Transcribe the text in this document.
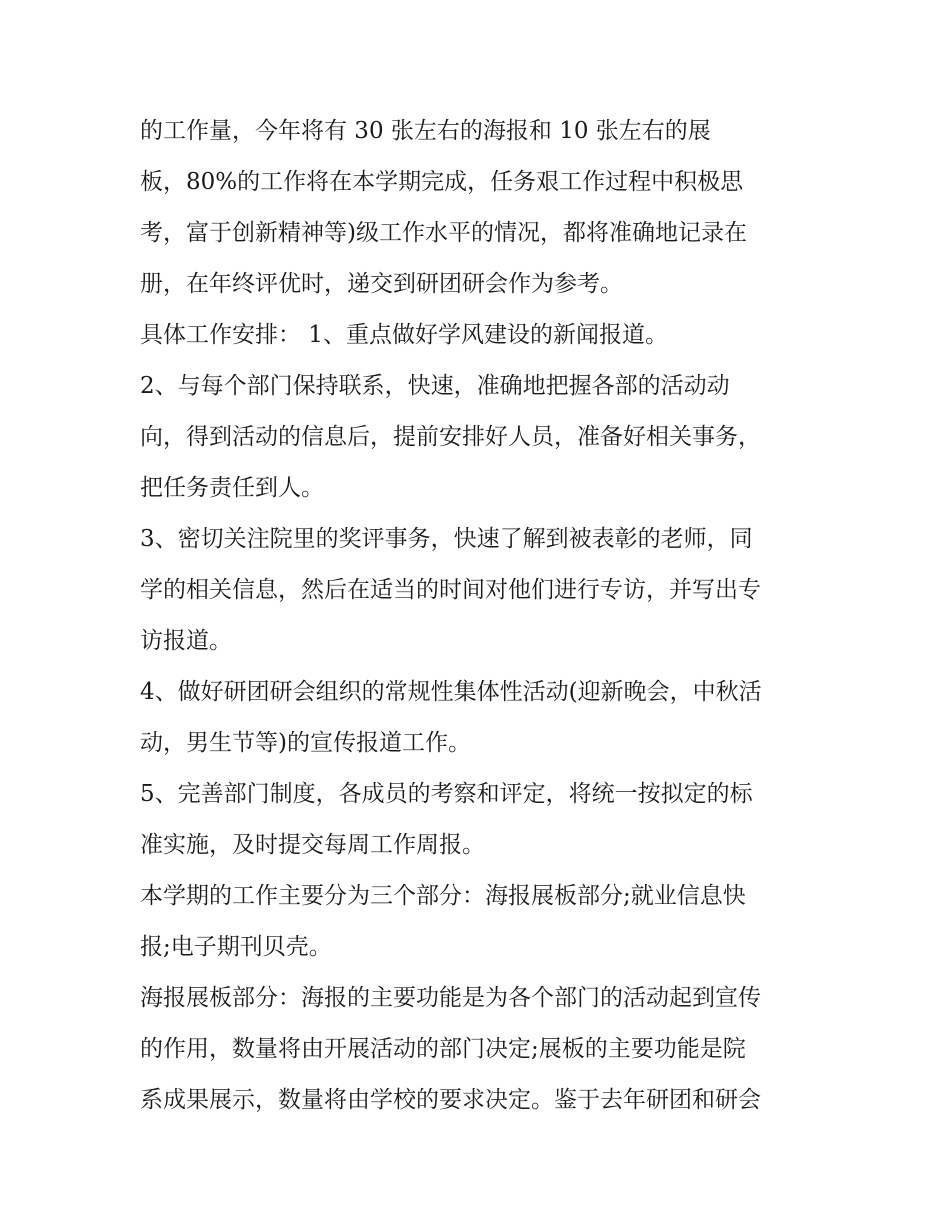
的工作量，今年将有 30 张左右的海报和 10 张左右的展
板，80%的工作将在本学期完成，任务艰工作过程中积极思
考，富于创新精神等)级工作水平的情况，都将准确地记录在
册，在年终评优时，递交到研团研会作为参考。
具体工作安排： 1、重点做好学风建设的新闻报道。
2、与每个部门保持联系，快速，准确地把握各部的活动动
向，得到活动的信息后，提前安排好人员，准备好相关事务，
把任务责任到人。
3、密切关注院里的奖评事务，快速了解到被表彰的老师，同
学的相关信息，然后在适当的时间对他们进行专访，并写出专
访报道。
4、做好研团研会组织的常规性集体性活动(迎新晚会，中秋活
动，男生节等)的宣传报道工作。
5、完善部门制度，各成员的考察和评定，将统一按拟定的标
准实施，及时提交每周工作周报。
本学期的工作主要分为三个部分：海报展板部分;就业信息快
报;电子期刊贝壳。
海报展板部分：海报的主要功能是为各个部门的活动起到宣传
的作用，数量将由开展活动的部门决定;展板的主要功能是院
系成果展示，数量将由学校的要求决定。鉴于去年研团和研会
